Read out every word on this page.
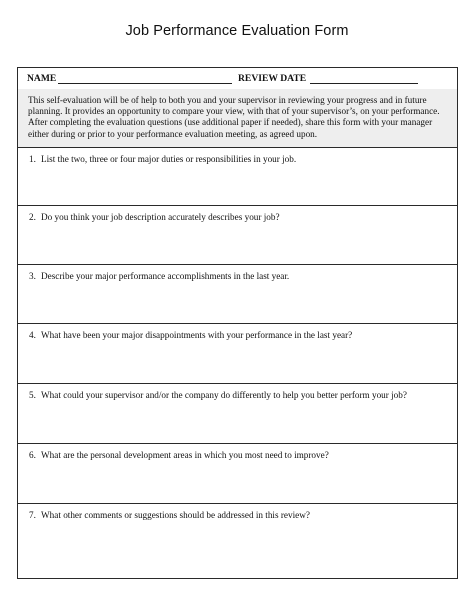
Job Performance Evaluation Form
NAME	REVIEW DATE
This self-evaluation will be of help to both you and your supervisor in reviewing your progress and in future planning. It provides an opportunity to compare your view, with that of your supervisor’s, on your performance. After completing the evaluation questions (use additional paper if needed), share this form with your manager either during or prior to your performance evaluation meeting, as agreed upon.
1. List the two, three or four major duties or responsibilities in your job.
2. Do you think your job description accurately describes your job?
3. Describe your major performance accomplishments in the last year.
4. What have been your major disappointments with your performance in the last year?
5. What could your supervisor and/or the company do differently to help you better perform your job?
6. What are the personal development areas in which you most need to improve?
7. What other comments or suggestions should be addressed in this review?
